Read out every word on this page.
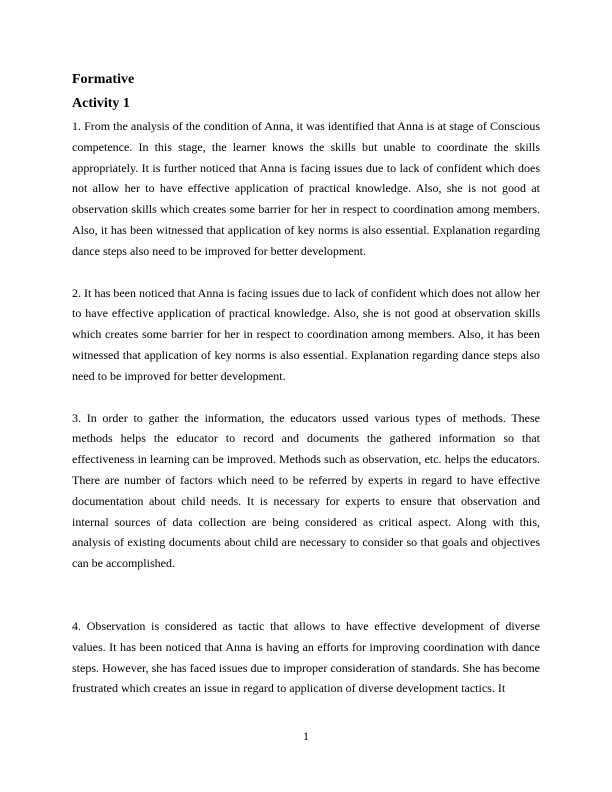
Formative

Activity 1

1. From the analysis of the condition of Anna, it was identified that Anna is at stage of Conscious competence. In this stage, the learner knows the skills but unable to coordinate the skills appropriately. It is further noticed that Anna is facing issues due to lack of confident which does not allow her to have effective application of practical knowledge. Also, she is not good at observation skills which creates some barrier for her in respect to coordination among members. Also, it has been witnessed that application of key norms is also essential. Explanation regarding dance steps also need to be improved for better development.

2. It has been noticed that Anna is facing issues due to lack of confident which does not allow her to have effective application of practical knowledge. Also, she is not good at observation skills which creates some barrier for her in respect to coordination among members. Also, it has been witnessed that application of key norms is also essential. Explanation regarding dance steps also need to be improved for better development.

3. In order to gather the information, the educators ussed various types of methods. These methods helps the educator to record and documents the gathered information so that effectiveness in learning can be improved. Methods such as observation, etc. helps the educators. There are number of factors which need to be referred by experts in regard to have effective documentation about child needs. It is necessary for experts to ensure that observation and internal sources of data collection are being considered as critical aspect. Along with this, analysis of existing documents about child are necessary to consider so that goals and objectives can be accomplished.

4. Observation is considered as tactic that allows to have effective development of diverse values. It has been noticed that Anna is having an efforts for improving coordination with dance steps. However, she has faced issues due to improper consideration of standards. She has become frustrated which creates an issue in regard to application of diverse development tactics. It

1
